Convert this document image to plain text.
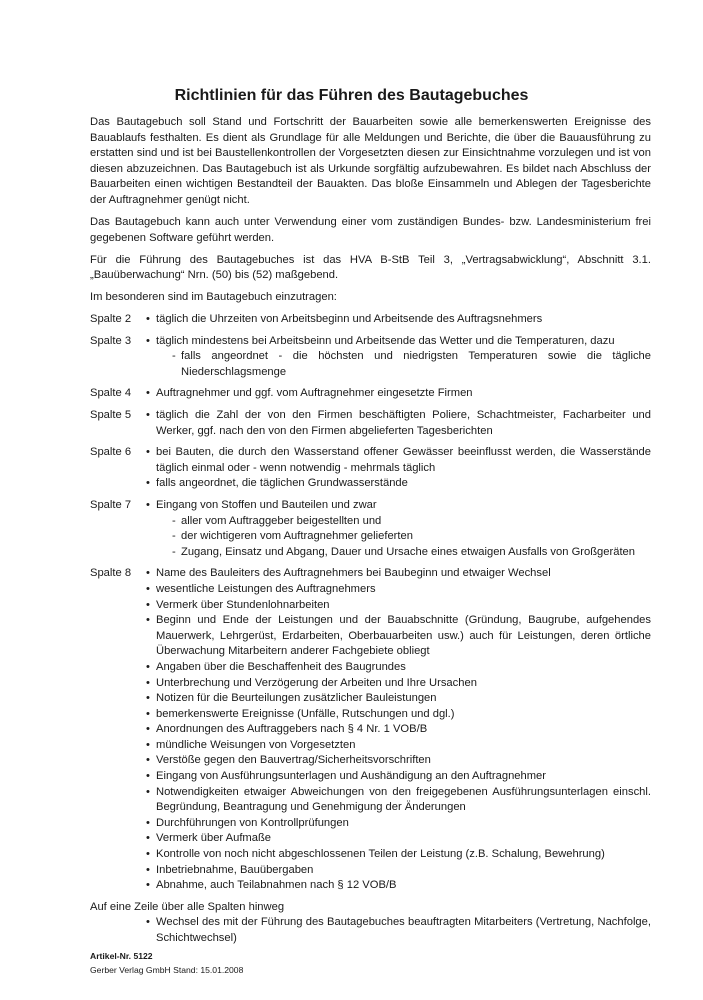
Richtlinien für das Führen des Bautagebuches

Das Bautagebuch soll Stand und Fortschritt der Bauarbeiten sowie alle bemerkenswerten Ereignisse des Bauablaufs festhalten. Es dient als Grundlage für alle Meldungen und Berichte, die über die Bauausführung zu erstatten sind und ist bei Baustellenkontrollen der Vorgesetzten diesen zur Einsichtnahme vorzulegen und ist von diesen abzuzeichnen. Das Bautagebuch ist als Urkunde sorgfältig aufzubewahren. Es bildet nach Abschluss der Bauarbeiten einen wichtigen Bestandteil der Bauakten. Das bloße Einsammeln und Ablegen der Tagesberichte der Auftragnehmer genügt nicht.

Das Bautagebuch kann auch unter Verwendung einer vom zuständigen Bundes- bzw. Landesministerium frei gegebenen Software geführt werden.

Für die Führung des Bautagebuches ist das HVA B-StB Teil 3, „Vertragsabwicklung“, Abschnitt 3.1. „Bauüberwachung“ Nrn. (50) bis (52) maßgebend.

Im besonderen sind im Bautagebuch einzutragen:

Spalte 2	• täglich die Uhrzeiten von Arbeitsbeginn und Arbeitsende des Auftragsnehmers
Spalte 3	• täglich mindestens bei Arbeitsbeinn und Arbeitsende das Wetter und die Temperaturen, dazu
- falls angeordnet - die höchsten und niedrigsten Temperaturen sowie die tägliche Niederschlagsmenge
Spalte 4	• Auftragnehmer und ggf. vom Auftragnehmer eingesetzte Firmen
Spalte 5	• täglich die Zahl der von den Firmen beschäftigten Poliere, Schachtmeister, Facharbeiter und Werker, ggf. nach den von den Firmen abgelieferten Tagesberichten
Spalte 6	• bei Bauten, die durch den Wasserstand offener Gewässer beeinflusst werden, die Wasserstände täglich einmal oder - wenn notwendig - mehrmals täglich
• falls angeordnet, die täglichen Grundwasserstände
Spalte 7	• Eingang von Stoffen und Bauteilen und zwar
- aller vom Auftraggeber beigestellten und
- der wichtigeren vom Auftragnehmer gelieferten
- Zugang, Einsatz und Abgang, Dauer und Ursache eines etwaigen Ausfalls von Großgeräten
Spalte 8	• Name des Bauleiters des Auftragnehmers bei Baubeginn und etwaiger Wechsel
• wesentliche Leistungen des Auftragnehmers
• Vermerk über Stundenlohnarbeiten
• Beginn und Ende der Leistungen und der Bauabschnitte (Gründung, Baugrube, aufgehendes Mauerwerk, Lehrgerüst, Erdarbeiten, Oberbauarbeiten usw.) auch für Leistungen, deren örtliche Überwachung Mitarbeitern anderer Fachgebiete obliegt
• Angaben über die Beschaffenheit des Baugrundes
• Unterbrechung und Verzögerung der Arbeiten und Ihre Ursachen
• Notizen für die Beurteilungen zusätzlicher Bauleistungen
• bemerkenswerte Ereignisse (Unfälle, Rutschungen und dgl.)
• Anordnungen des Auftraggebers nach § 4 Nr. 1 VOB/B
• mündliche Weisungen von Vorgesetzten
• Verstöße gegen den Bauvertrag/Sicherheitsvorschriften
• Eingang von Ausführungsunterlagen und Aushändigung an den Auftragnehmer
• Notwendigkeiten etwaiger Abweichungen von den freigegebenen Ausführungsunterlagen einschl. Begründung, Beantragung und Genehmigung der Änderungen
• Durchführungen von Kontrollprüfungen
• Vermerk über Aufmaße
• Kontrolle von noch nicht abgeschlossenen Teilen der Leistung (z.B. Schalung, Bewehrung)
• Inbetriebnahme, Bauübergaben
• Abnahme, auch Teilabnahmen nach § 12 VOB/B
Auf eine Zeile über alle Spalten hinweg
• Wechsel des mit der Führung des Bautagebuches beauftragten Mitarbeiters (Vertretung, Nachfolge, Schichtwechsel)
Artikel-Nr. 5122
Gerber Verlag GmbH Stand: 15.01.2008
